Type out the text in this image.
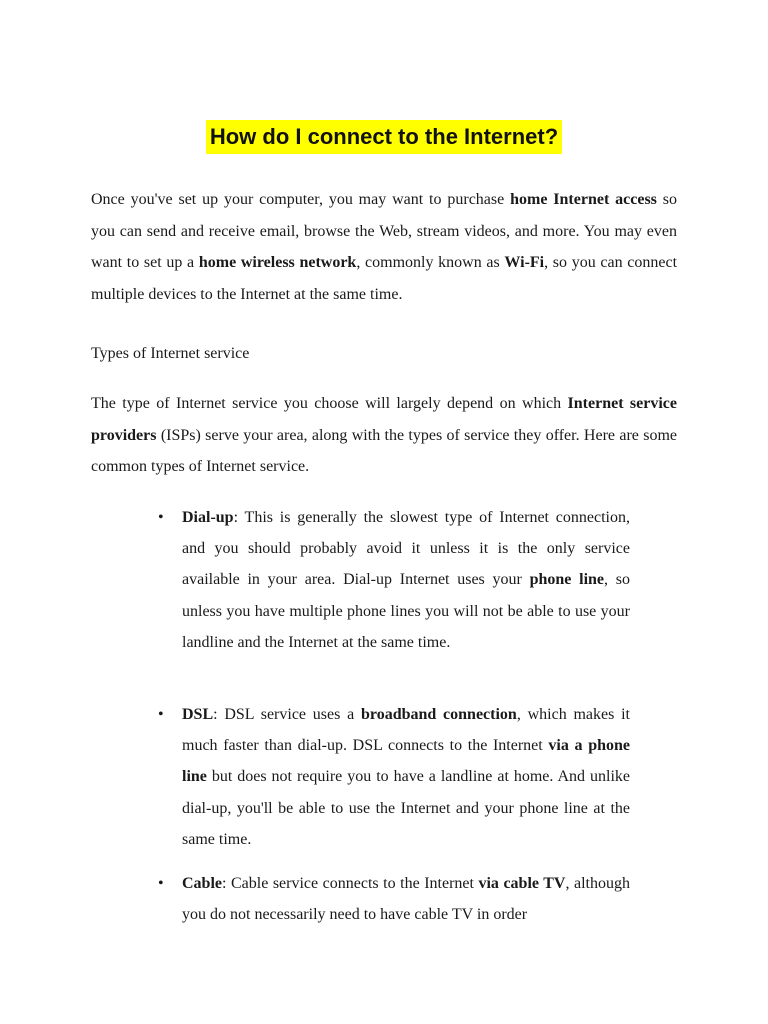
How do I connect to the Internet?

Once you've set up your computer, you may want to purchase home Internet access so you can send and receive email, browse the Web, stream videos, and more. You may even want to set up a home wireless network, commonly known as Wi-Fi, so you can connect multiple devices to the Internet at the same time.

Types of Internet service

The type of Internet service you choose will largely depend on which Internet service providers (ISPs) serve your area, along with the types of service they offer. Here are some common types of Internet service.

•	Dial-up: This is generally the slowest type of Internet connection, and you should probably avoid it unless it is the only service available in your area. Dial-up Internet uses your phone line, so unless you have multiple phone lines you will not be able to use your landline and the Internet at the same time.

•	DSL: DSL service uses a broadband connection, which makes it much faster than dial-up. DSL connects to the Internet via a phone line but does not require you to have a landline at home. And unlike dial-up, you'll be able to use the Internet and your phone line at the same time.

•	Cable: Cable service connects to the Internet via cable TV, although you do not necessarily need to have cable TV in order
